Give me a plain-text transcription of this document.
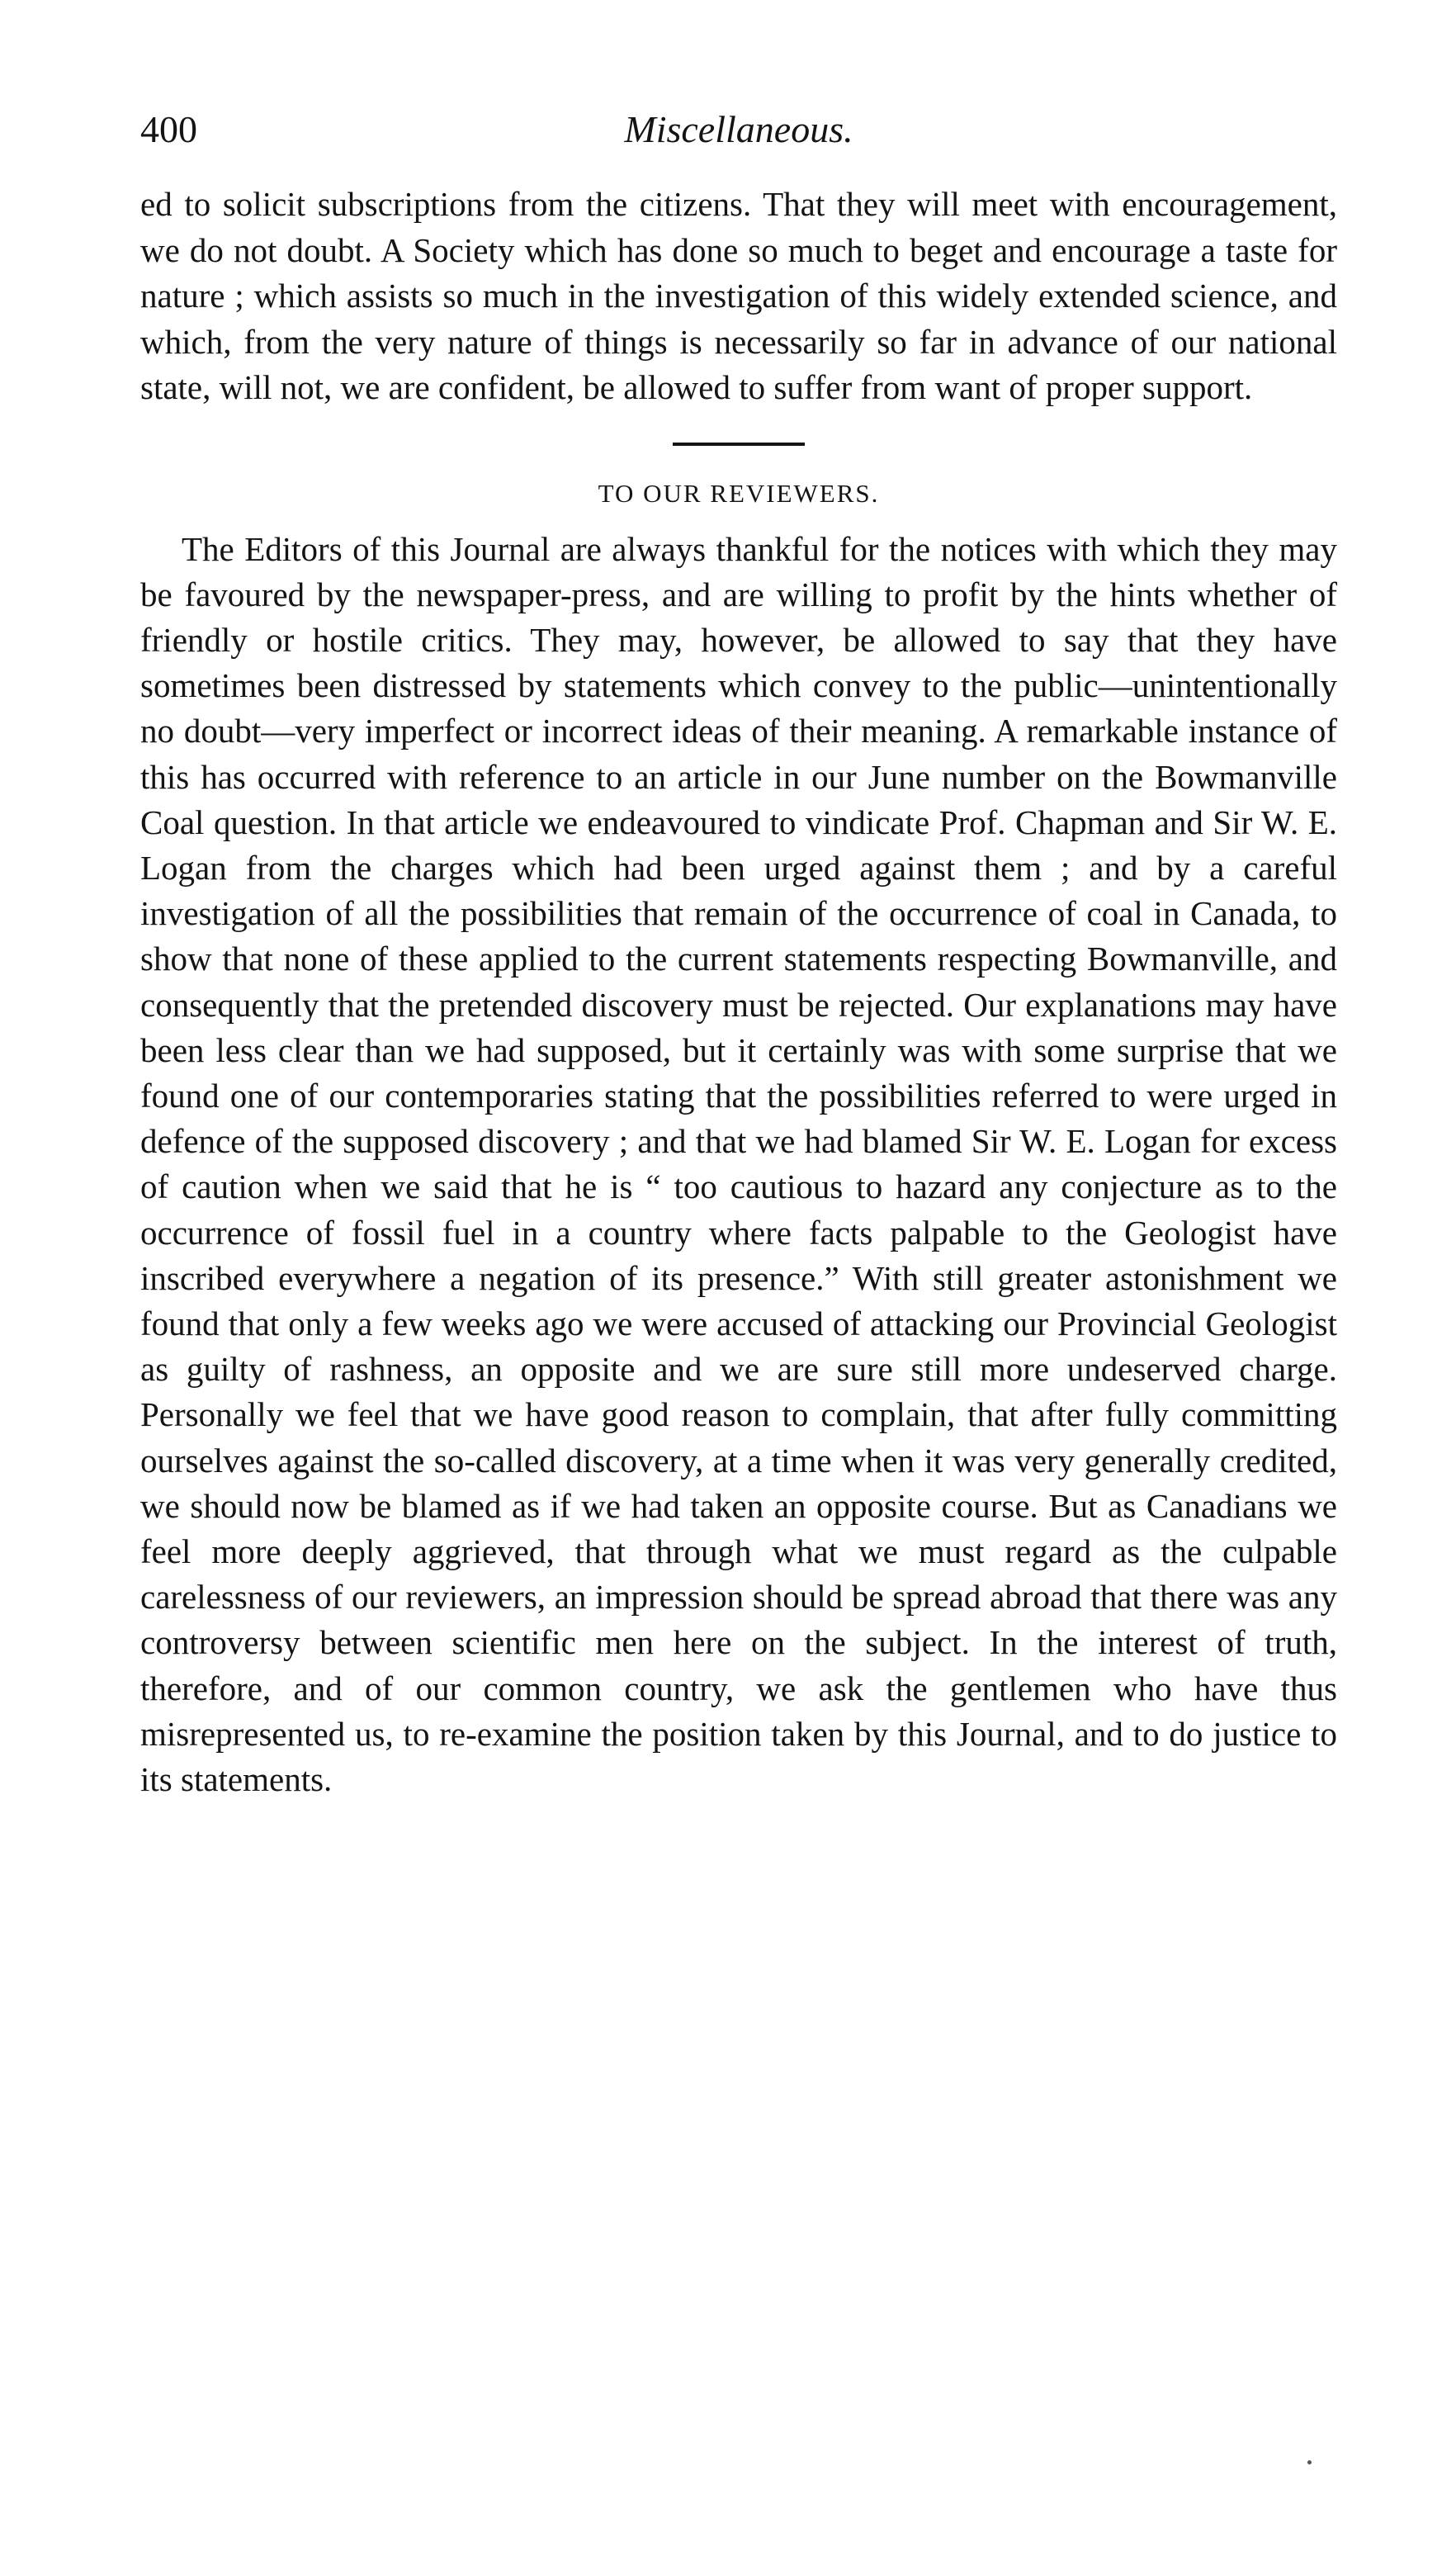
400	Miscellaneous.

ed to solicit subscriptions from the citizens. That they will meet with encouragement, we do not doubt. A Society which has done so much to beget and encourage a taste for nature ; which assists so much in the investigation of this widely extended science, and which, from the very nature of things is necessarily so far in advance of our national state, will not, we are confident, be allowed to suffer from want of proper support.

TO OUR REVIEWERS.

The Editors of this Journal are always thankful for the notices with which they may be favoured by the newspaper-press, and are willing to profit by the hints whether of friendly or hostile critics. They may, however, be allowed to say that they have sometimes been distressed by statements which convey to the public—unintentionally no doubt—very imperfect or incorrect ideas of their meaning. A remarkable instance of this has occurred with reference to an article in our June number on the Bowmanville Coal question. In that article we endeavoured to vindicate Prof. Chapman and Sir W. E. Logan from the charges which had been urged against them ; and by a careful investigation of all the possibilities that remain of the occurrence of coal in Canada, to show that none of these applied to the current statements respecting Bowmanville, and consequently that the pretended discovery must be rejected. Our explanations may have been less clear than we had supposed, but it certainly was with some surprise that we found one of our contemporaries stating that the possibilities referred to were urged in defence of the supposed discovery ; and that we had blamed Sir W. E. Logan for excess of caution when we said that he is “ too cautious to hazard any conjecture as to the occurrence of fossil fuel in a country where facts palpable to the Geologist have inscribed everywhere a negation of its presence.” With still greater astonishment we found that only a few weeks ago we were accused of attacking our Provincial Geologist as guilty of rashness, an opposite and we are sure still more undeserved charge. Personally we feel that we have good reason to complain, that after fully committing ourselves against the so-called discovery, at a time when it was very generally credited, we should now be blamed as if we had taken an opposite course. But as Canadians we feel more deeply aggrieved, that through what we must regard as the culpable carelessness of our reviewers, an impression should be spread abroad that there was any controversy between scientific men here on the subject. In the interest of truth, therefore, and of our common country, we ask the gentlemen who have thus misrepresented us, to re-examine the position taken by this Journal, and to do justice to its statements.
